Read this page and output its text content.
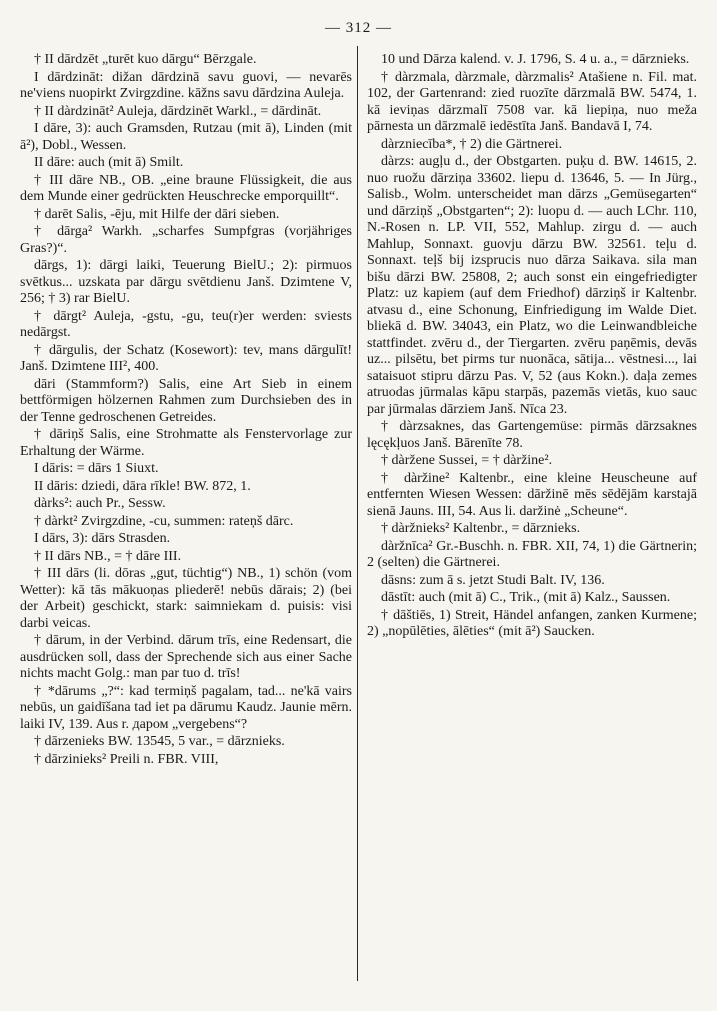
— 312 —

† II dārdzēt „turēt kuo dārgu“ Bērzgale.

I dārdzināt: dižan dārdzinā savu guovi, — nevarēs ne'viens nuopirkt Zvirgzdine. kāžns savu dārdzina Auleja.

† II dàrdzināt² Auleja, dārdzinēt Warkl., = dārdināt.

I dāre, 3): auch Gramsden, Rutzau (mit ā), Linden (mit ā²), Dobl., Wessen.

II dāre: auch (mit ā) Smilt.

† III dāre NB., OB. „eine braune Flüssigkeit, die aus dem Munde einer gedrückten Heuschrecke emporquillt“.

† darēt Salis, -ēju, mit Hilfe der dāri sieben.

† dārga² Warkh. „scharfes Sumpfgras (vorjähriges Gras?)“.

dārgs, 1): dārgi laiki, Teuerung BielU.; 2): pirmuos svētkus... uzskata par dārgu svētdienu Janš. Dzimtene V, 256; † 3) rar BielU.

† dārgt² Auleja, -gstu, -gu, teu(r)er werden: sviests nedārgst.

† dārgulis, der Schatz (Kosewort): tev, mans dārgulīt! Janš. Dzimtene III², 400.

dāri (Stammform?) Salis, eine Art Sieb in einem bettförmigen hölzernen Rahmen zum Durchsieben des in der Tenne gedroschenen Getreides.

† dāriņš Salis, eine Strohmatte als Fenstervorlage zur Erhaltung der Wärme.

I dāris: = dārs 1 Siuxt.

II dāris: dziedi, dāra rīkle! BW. 872, 1.

dàrks²: auch Pr., Sessw.

† dàrkt² Zvirgzdine, -cu, summen: rateņš dārc.

I dārs, 3): dārs Strasden.

† II dārs NB., = † dāre III.

† III dārs (li. dōras „gut, tüchtig“) NB., 1) schön (vom Wetter): kā tās mākuoņas pliederē! nebūs dārais; 2) (bei der Arbeit) geschickt, stark: saimniekam d. puisis: visi darbi veicas.

† dārum, in der Verbind. dārum trīs, eine Redensart, die ausdrücken soll, dass der Sprechende sich aus einer Sache nichts macht Golg.: man par tuo d. trīs!

† *dārums „?“: kad termiņš pagalam, tad... ne'kā vairs nebūs, un gaidīšana tad iet pa dārumu Kaudz. Jaunie mērn. laiki IV, 139. Aus r. даром „vergebens“?

† dārzenieks BW. 13545, 5 var., = dārznieks.

† dārzinieks² Preili n. FBR. VIII,

10 und Dārza kalend. v. J. 1796, S. 4 u. a., = dārznieks.

† dàrzmala, dàrzmale, dàrzmalis² Atašiene n. Fil. mat. 102, der Gartenrand: zied ruozīte dārzmalā BW. 5474, 1. kā ieviņas dārzmalī 7508 var. kā liepiņa, nuo meža pārnesta un dārzmalē iedēstīta Janš. Bandavā I, 74.

dàrzniecība*, † 2) die Gärtnerei.

dàrzs: augļu d., der Obstgarten. puķu d. BW. 14615, 2. nuo ruožu dārziņa 33602. liepu d. 13646, 5. — In Jürg., Salisb., Wolm. unterscheidet man dārzs „Gemüsegarten“ und dārziņš „Obstgarten“; 2): luopu d. — auch LChr. 110, N.-Rosen n. LP. VII, 552, Mahlup. zirgu d. — auch Mahlup, Sonnaxt. guovju dārzu BW. 32561. teļu d. Sonnaxt. teļš bij izsprucis nuo dārza Saikava. sila man bišu dārzi BW. 25808, 2; auch sonst ein eingefriedigter Platz: uz kapiem (auf dem Friedhof) dārziņš ir Kaltenbr. atvasu d., eine Schonung, Einfriedigung im Walde Diet. bliekā d. BW. 34043, ein Platz, wo die Leinwandbleiche stattfindet. zvēru d., der Tiergarten. zvēru paņēmis, devās uz... pilsētu, bet pirms tur nuonāca, sātija... vēstnesi..., lai sataisuot stipru dārzu Pas. V, 52 (aus Kokn.). daļa zemes atruodas jūrmalas kāpu starpās, pazemās vietās, kuo sauc par jūrmalas dārziem Janš. Nīca 23.

† dàrzsaknes, das Gartengemüse: pirmās dārzsaknes lęcękļuos Janš. Bārenīte 78.

† dàržene Sussei, = † dàržine².

† dàržine² Kaltenbr., eine kleine Heuscheune auf entfernten Wiesen Wessen: dāržinē mēs sēdējām karstajā sienā Jauns. III, 54. Aus li. daržinė „Scheune“.

† dàržnieks² Kaltenbr., = dārznieks.

dàržnīca² Gr.-Buschh. n. FBR. XII, 74, 1) die Gärtnerin; 2 (selten) die Gärtnerei.

dāsns: zum ā s. jetzt Studi Balt. IV, 136.

dāstīt: auch (mit ā) C., Trik., (mit ā) Kalz., Saussen.

† dāštiēs, 1) Streit, Händel anfangen, zanken Kurmene; 2) „nopūlēties, ālēties“ (mit ā²) Saucken.
